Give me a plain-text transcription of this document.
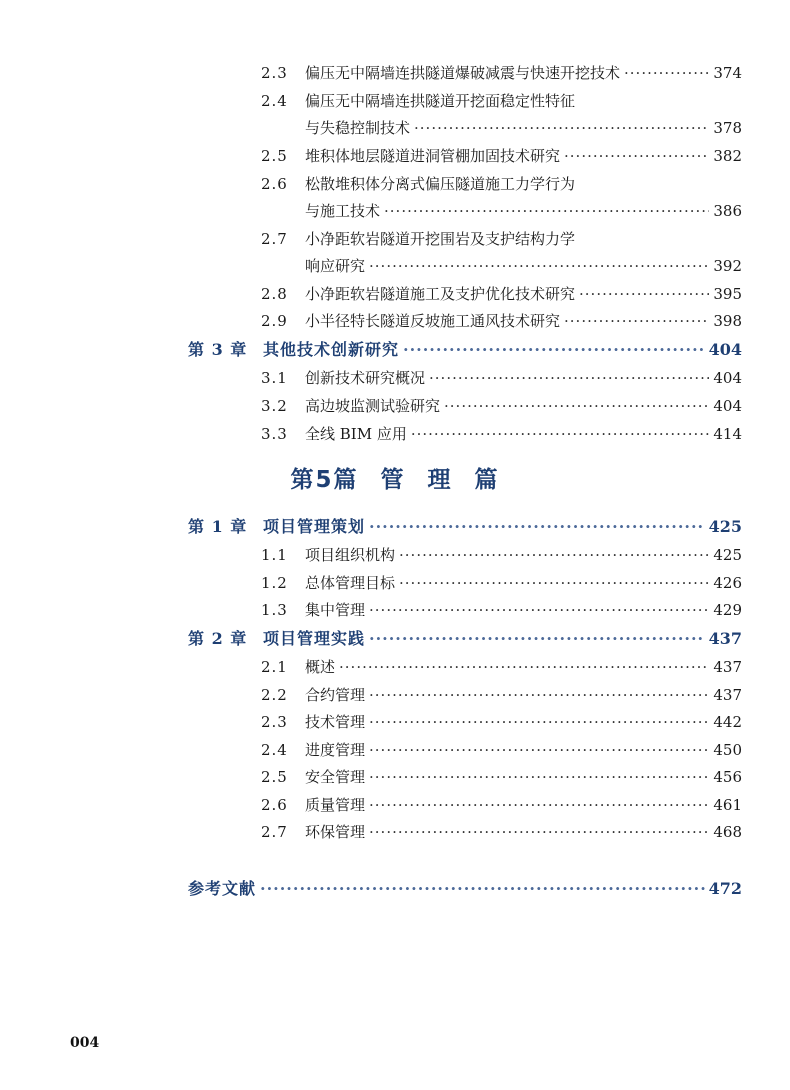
2.3	偏压无中隔墙连拱隧道爆破减震与快速开挖技术 ·····	374
2.4	偏压无中隔墙连拱隧道开挖面稳定性特征
与失稳控制技术 ·····	378
2.5	堆积体地层隧道进洞管棚加固技术研究 ·····	382
2.6	松散堆积体分离式偏压隧道施工力学行为
与施工技术 ·····	386
2.7	小净距软岩隧道开挖围岩及支护结构力学
响应研究 ·····	392
2.8	小净距软岩隧道施工及支护优化技术研究 ·····	395
2.9	小半径特长隧道反坡施工通风技术研究 ·····	398
第 3 章 其他技术创新研究 ·····	404
3.1	创新技术研究概况 ·····	404
3.2	高边坡监测试验研究 ·····	404
3.3	全线 BIM 应用 ·····	414
第5篇 管 理 篇
第 1 章 项目管理策划 ·····	425
1.1	项目组织机构 ·····	425
1.2	总体管理目标 ·····	426
1.3	集中管理 ·····	429
第 2 章 项目管理实践 ·····	437
2.1	概述 ·····	437
2.2	合约管理 ·····	437
2.3	技术管理 ·····	442
2.4	进度管理 ·····	450
2.5	安全管理 ·····	456
2.6	质量管理 ·····	461
2.7	环保管理 ·····	468
参考文献 ·····	472
004
